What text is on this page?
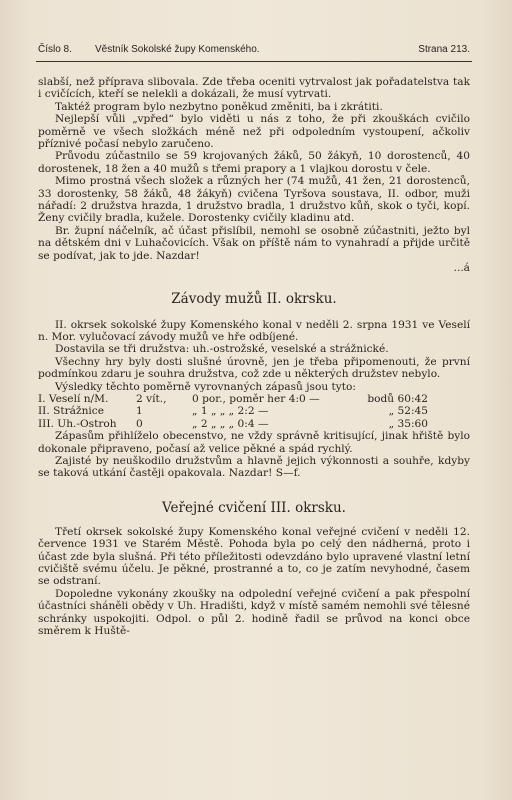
Číslo 8. Věstník Sokolské župy Komenského.	Strana 213.

slabší, než příprava slibovala. Zde třeba oceniti vytrvalost jak pořadatelstva tak i cvičících, kteří se nelekli a dokázali, že musí vytrvati.

Taktéž program bylo nezbytno poněkud změniti, ba i zkrátiti.

Nejlepší vůli „vpřed“ bylo viděti u nás z toho, že při zkouškách cvičilo poměrně ve všech složkách méně než při odpoledním vystoupení, ačkoliv příznivé počasí nebylo zaručeno.

Průvodu zúčastnilo se 59 krojovaných žáků, 50 žákyň, 10 dorostenců, 40 dorostenek, 18 žen a 40 mužů s třemi prapory a 1 vlajkou dorostu v čele.

Mimo prostná všech složek a různých her (74 mužů, 41 žen, 21 dorostenců, 33 dorostenky, 58 žáků, 48 žákyň) cvičena Tyršova soustava, II. odbor, muži nářadí: 2 družstva hrazda, 1 družstvo bradla, 1 družstvo kůň, skok o tyči, kopí. Ženy cvičily bradla, kužele. Dorostenky cvičily kladinu atd.

Br. župní náčelník, ač účast přislíbil, nemohl se osobně zúčastniti, ježto byl na dětském dni v Luhačovicích. Však on příště nám to vynahradí a přijde určitě se podívat, jak to jde. Nazdar!

...á

Závody mužů II. okrsku.

II. okrsek sokolské župy Komenského konal v neděli 2. srpna 1931 ve Veselí n. Mor. vylučovací závody mužů ve hře odbíjené.

Dostavila se tři družstva: uh.-ostrožské, veselské a strážnické.

Všechny hry byly dosti slušné úrovně, jen je třeba připomenouti, že první podmínkou zdaru je souhra družstva, což zde u některých družstev nebylo.

Výsledky těchto poměrně vyrovnaných zápasů jsou tyto:

I. Veselí n/M.		2 vít.,	0 por., poměr her 4:0 —	bodů 60:42
II. Strážnice		1	„ 1 „ „ „ 2:2 —	„ 52:45
III. Uh.-Ostroh		0	„ 2 „ „ „ 0:4 —	„ 35:60

Zápasům přihlíželo obecenstvo, ne vždy správně kritisující, jinak hřiště bylo dokonale připraveno, počasí až velice pěkné a spád rychlý.

Zajisté by neuškodilo družstvům a hlavně jejich výkonnosti a souhře, kdyby se taková utkání častěji opakovala. Nazdar! S—f.

Veřejné cvičení III. okrsku.

Třetí okrsek sokolské župy Komenského konal veřejné cvičení v neděli 12. července 1931 ve Starém Městě. Pohoda byla po celý den nádherná, proto i účast zde byla slušná. Při této příležitosti odevzdáno bylo upravené vlastní letní cvičiště svému účelu. Je pěkné, prostranné a to, co je zatím nevyhodné, časem se odstraní.

Dopoledne vykonány zkoušky na odpolední veřejné cvičení a pak přespolní účastníci sháněli obědy v Uh. Hradišti, když v místě samém nemohli své tělesné schránky uspokojiti. Odpol. o půl 2. hodině řadil se průvod na konci obce směrem k Huště-
